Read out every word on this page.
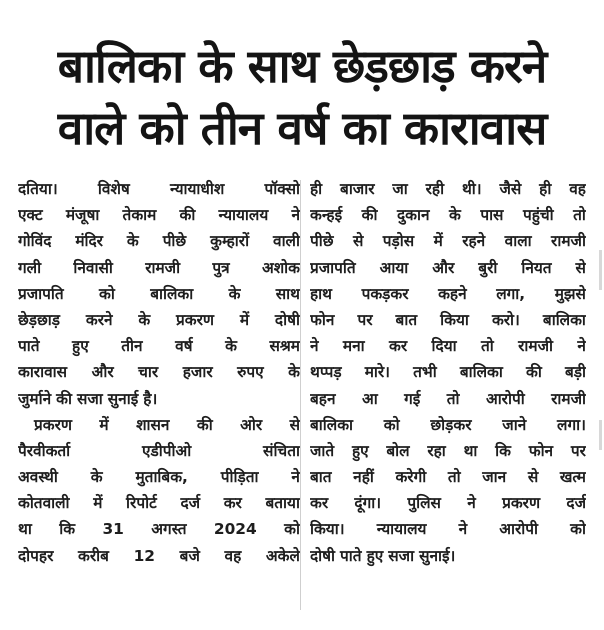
बालिका के साथ छेड़छाड़ करने
वाले को तीन वर्ष का कारावास
दतिया।	विशेष	न्यायाधीश	पॉक्सो
एक्ट मंजूषा तेकाम की न्यायालय ने
गोविंद मंदिर के पीछे कुम्हारों वाली
गली निवासी रामजी पुत्र अशोक
प्रजापति को बालिका के साथ
छेड़छाड़ करने के प्रकरण में दोषी
पाते हुए तीन वर्ष के सश्रम
कारावास और चार हजार रुपए के
जुर्माने की सजा सुनाई है।
प्रकरण में शासन की ओर से
पैरवीकर्ता	एडीपीओ	संचिता
अवस्थी के मुताबिक, पीड़िता ने
कोतवाली में रिपोर्ट दर्ज कर बताया
था कि 31 अगस्त 2024 को
दोपहर करीब 12 बजे वह अकेले
ही बाजार जा रही थी। जैसे ही वह
कन्हई की दुकान के पास पहुंची तो
पीछे से पड़ोस में रहने वाला रामजी
प्रजापति आया और बुरी नियत से
हाथ पकड़कर कहने लगा, मुझसे
फोन पर बात किया करो। बालिका
ने मना कर दिया तो रामजी ने
थप्पड़ मारे। तभी बालिका की बड़ी
बहन आ गई तो आरोपी रामजी
बालिका को छोड़कर जाने लगा।
जाते हुए बोल रहा था कि फोन पर
बात नहीं करेगी तो जान से खत्म
कर दूंगा। पुलिस ने प्रकरण दर्ज
किया। न्यायालय ने आरोपी को
दोषी पाते हुए सजा सुनाई।
